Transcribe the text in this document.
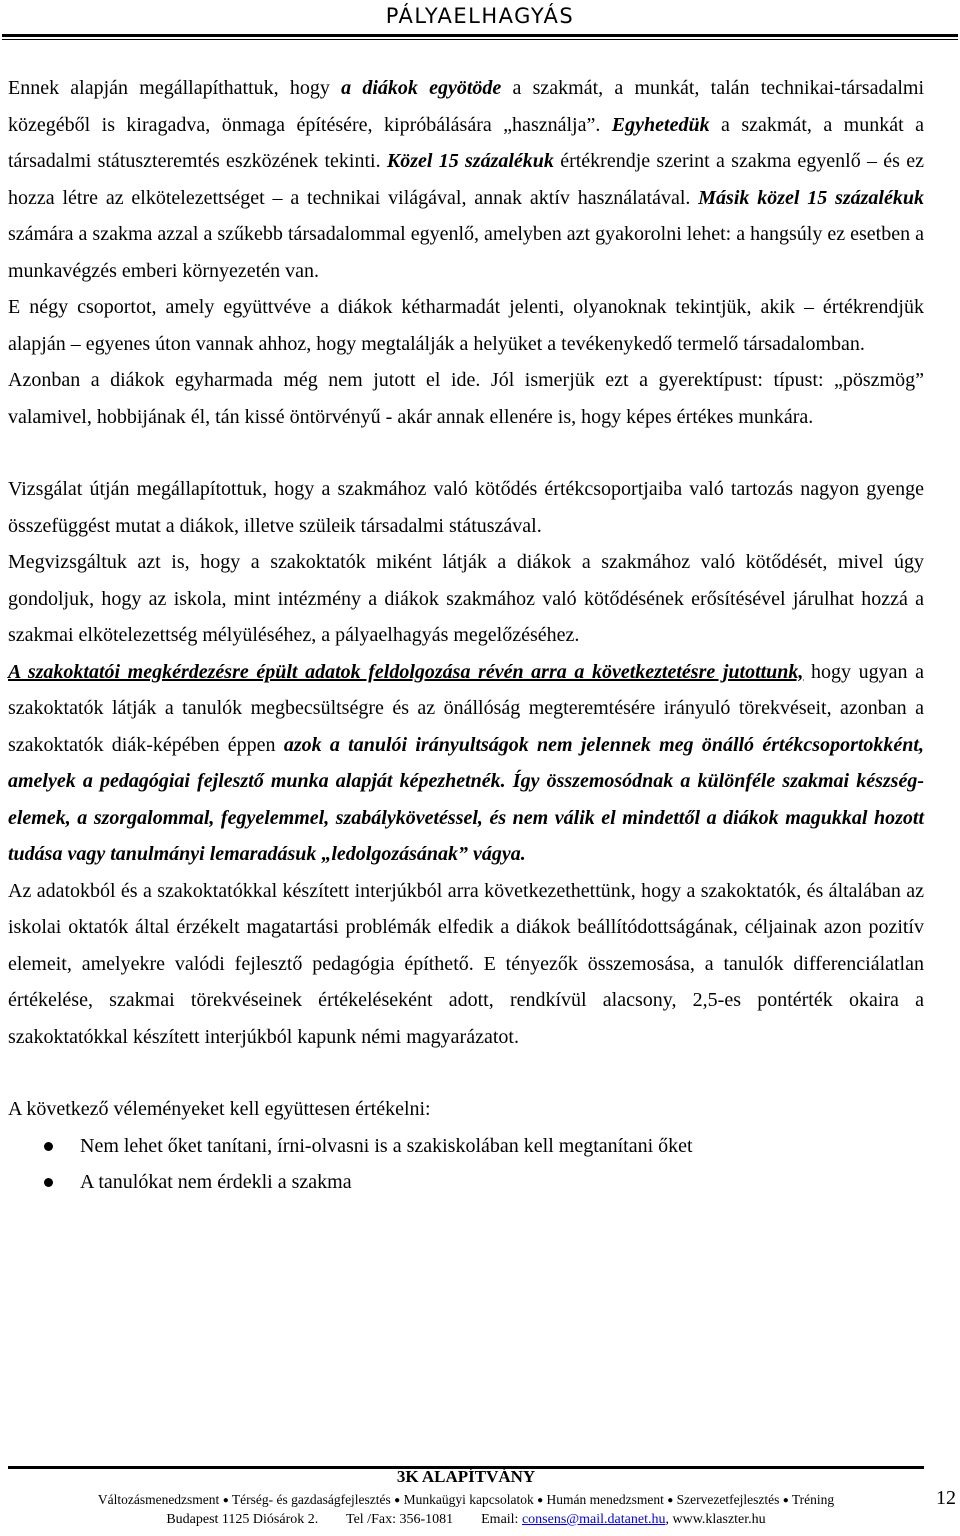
PÁLYAELHAGYÁS

Ennek alapján megállapíthattuk, hogy a diákok egyötöde a szakmát, a munkát, talán technikai-társadalmi közegéből is kiragadva, önmaga építésére, kipróbálására „használja”. Egyhetedük a szakmát, a munkát a társadalmi státuszteremtés eszközének tekinti. Közel 15 százalékuk értékrendje szerint a szakma egyenlő – és ez hozza létre az elkötelezettséget – a technikai világával, annak aktív használatával. Másik közel 15 százalékuk számára a szakma azzal a szűkebb társadalommal egyenlő, amelyben azt gyakorolni lehet: a hangsúly ez esetben a munkavégzés emberi környezetén van.

E négy csoportot, amely együttvéve a diákok kétharmadát jelenti, olyanoknak tekintjük, akik – értékrendjük alapján – egyenes úton vannak ahhoz, hogy megtalálják a helyüket a tevékenykedő termelő társadalomban.

Azonban a diákok egyharmada még nem jutott el ide. Jól ismerjük ezt a gyerektípust: típust: „pöszmög” valamivel, hobbijának él, tán kissé öntörvényű - akár annak ellenére is, hogy képes értékes munkára.

Vizsgálat útján megállapítottuk, hogy a szakmához való kötődés értékcsoportjaiba való tartozás nagyon gyenge összefüggést mutat a diákok, illetve szüleik társadalmi státuszával.

Megvizsgáltuk azt is, hogy a szakoktatók miként látják a diákok a szakmához való kötődését, mivel úgy gondoljuk, hogy az iskola, mint intézmény a diákok szakmához való kötődésének erősítésével járulhat hozzá a szakmai elkötelezettség mélyüléséhez, a pályaelhagyás megelőzéséhez.

A szakoktatói megkérdezésre épült adatok feldolgozása révén arra a következtetésre jutottunk, hogy ugyan a szakoktatók látják a tanulók megbecsültségre és az önállóság megteremtésére irányuló törekvéseit, azonban a szakoktatók diák-képében éppen azok a tanulói irányultságok nem jelennek meg önálló értékcsoportokként, amelyek a pedagógiai fejlesztő munka alapját képezhetnék. Így összemosódnak a különféle szakmai készség-elemek, a szorgalommal, fegyelemmel, szabálykövetéssel, és nem válik el mindettől a diákok magukkal hozott tudása vagy tanulmányi lemaradásuk „ledolgozásának” vágya.

Az adatokból és a szakoktatókkal készített interjúkból arra következethettünk, hogy a szakoktatók, és általában az iskolai oktatók által érzékelt magatartási problémák elfedik a diákok beállítódottságának, céljainak azon pozitív elemeit, amelyekre valódi fejlesztő pedagógia építhető. E tényezők összemosása, a tanulók differenciálatlan értékelése, szakmai törekvéseinek értékeléseként adott, rendkívül alacsony, 2,5-es pontérték okaira a szakoktatókkal készített interjúkból kapunk némi magyarázatot.

A következő véleményeket kell együttesen értékelni:

Nem lehet őket tanítani, írni-olvasni is a szakiskolában kell megtanítani őket
A tanulókat nem érdekli a szakma
3K ALAPÍTVÁNY
Változásmenedzsment ● Térség- és gazdaságfejlesztés ● Munkaügyi kapcsolatok ● Humán menedzsment ● Szervezetfejlesztés ● Tréning
Budapest 1125 Diósárok 2. Tel /Fax: 356-1081 Email: consens@mail.datanet.hu, www.klaszter.hu
12
